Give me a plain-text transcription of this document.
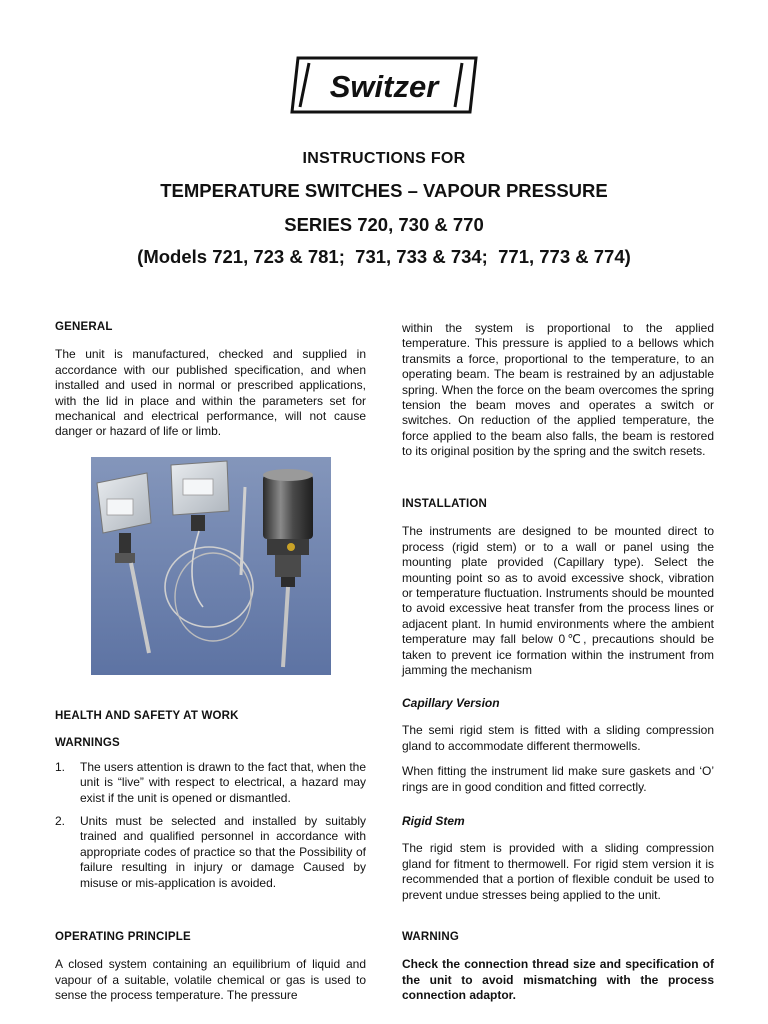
Switzer
INSTRUCTIONS FOR
TEMPERATURE SWITCHES – VAPOUR PRESSURE
SERIES 720, 730 & 770
(Models 721, 723 & 781;  731, 733 & 734;  771, 773 & 774)
GENERAL

The unit is manufactured, checked and supplied in accordance with our published specification, and when installed and used in normal or prescribed applications, with the lid in place and within the parameters set for mechanical and electrical performance, will not cause danger or hazard of life or limb.

HEALTH AND SAFETY AT WORK
WARNINGS
1. The users attention is drawn to the fact that, when the unit is “live” with respect to electrical, a hazard may exist if the unit is opened or dismantled.
2. Units must be selected and installed by suitably trained and qualified personnel in accordance with appropriate codes of practice so that the Possibility of failure resulting in injury or damage Caused by misuse or mis-application is avoided.
OPERATING PRINCIPLE

A closed system containing an equilibrium of liquid and vapour of a suitable, volatile chemical or gas is used to sense the process temperature. The pressure

within the system is proportional to the applied temperature. This pressure is applied to a bellows which transmits a force, proportional to the temperature, to an operating beam. The beam is restrained by an adjustable spring. When the force on the beam overcomes the spring tension the beam moves and operates a switch or switches. On reduction of the applied temperature, the force applied to the beam also falls, the beam is restored to its original position by the spring and the switch resets.

INSTALLATION

The instruments are designed to be mounted direct to process (rigid stem) or to a wall or panel using the mounting plate provided (Capillary type). Select the mounting point so as to avoid excessive shock, vibration or temperature fluctuation. Instruments should be mounted to avoid excessive heat transfer from the process lines or adjacent plant. In humid environments where the ambient temperature may fall below 0℃, precautions should be taken to prevent ice formation within the instrument from jamming the mechanism

Capillary Version

The semi rigid stem is fitted with a sliding compression gland to accommodate different thermowells.

When fitting the instrument lid make sure gaskets and ‘O’ rings are in good condition and fitted correctly.

Rigid Stem

The rigid stem is provided with a sliding compression gland for fitment to thermowell. For rigid stem version it is recommended that a portion of flexible conduit be used to prevent undue stresses being applied to the unit.

WARNING

Check the connection thread size and specification of the unit to avoid mismatching with the process connection adaptor.
